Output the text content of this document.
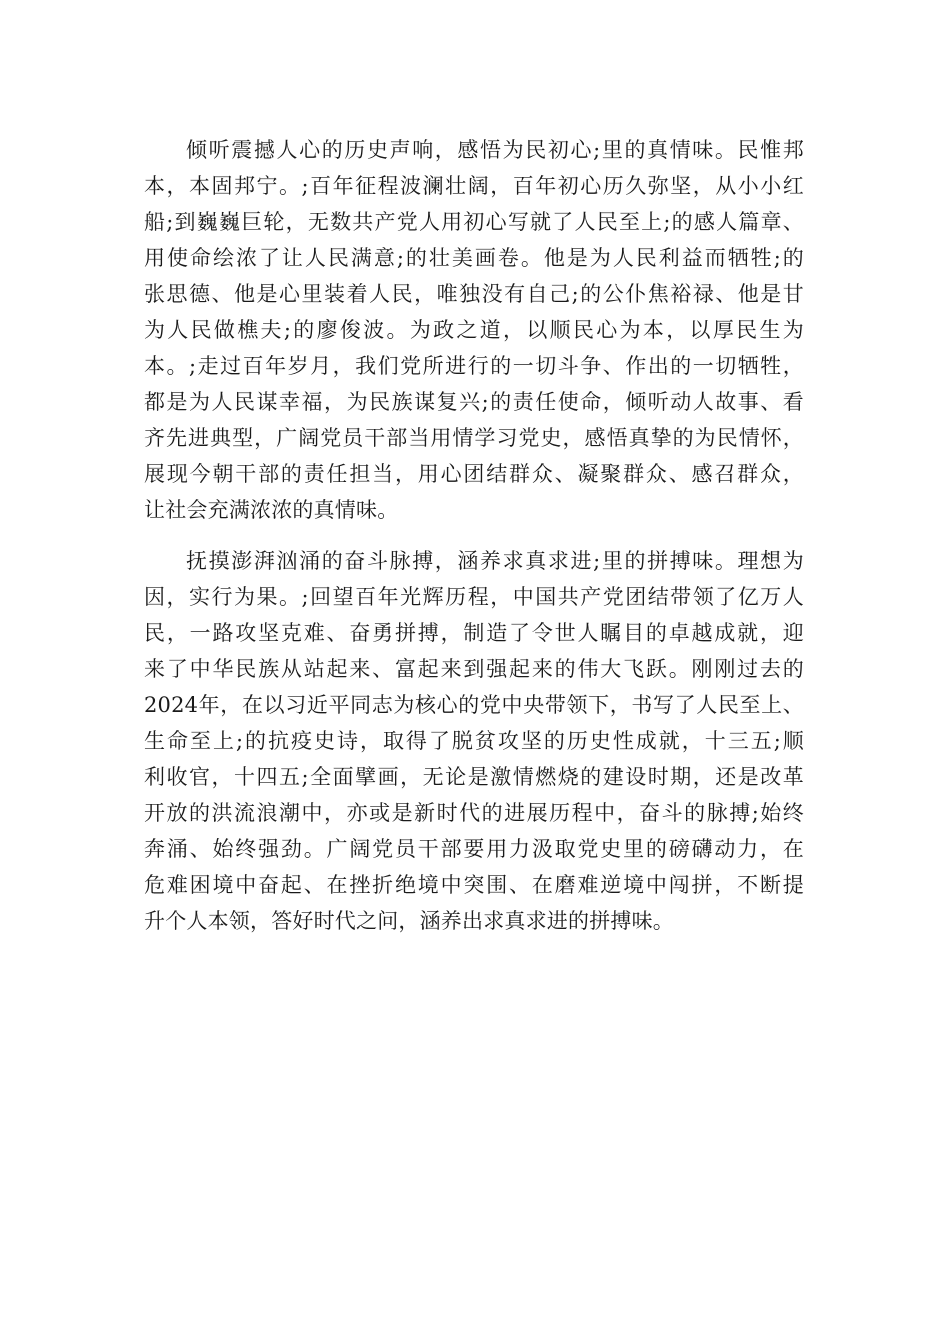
倾听震撼人心的历史声响，感悟为民初心;里的真情味。民惟邦
本，本固邦宁。;百年征程波澜壮阔，百年初心历久弥坚，从小小红
船;到巍巍巨轮，无数共产党人用初心写就了人民至上;的感人篇章、
用使命绘浓了让人民满意;的壮美画卷。他是为人民利益而牺牲;的
张思德、他是心里装着人民，唯独没有自己;的公仆焦裕禄、他是甘
为人民做樵夫;的廖俊波。为政之道，以顺民心为本，以厚民生为
本。;走过百年岁月，我们党所进行的一切斗争、作出的一切牺牲，
都是为人民谋幸福，为民族谋复兴;的责任使命，倾听动人故事、看
齐先进典型，广阔党员干部当用情学习党史，感悟真挚的为民情怀，
展现今朝干部的责任担当，用心团结群众、凝聚群众、感召群众，
让社会充满浓浓的真情味。
抚摸澎湃汹涌的奋斗脉搏，涵养求真求进;里的拼搏味。理想为
因，实行为果。;回望百年光辉历程，中国共产党团结带领了亿万人
民，一路攻坚克难、奋勇拼搏，制造了令世人瞩目的卓越成就，迎
来了中华民族从站起来、富起来到强起来的伟大飞跃。刚刚过去的
2024年，在以习近平同志为核心的党中央带领下，书写了人民至上、
生命至上;的抗疫史诗，取得了脱贫攻坚的历史性成就，十三五;顺
利收官，十四五;全面擘画，无论是激情燃烧的建设时期，还是改革
开放的洪流浪潮中，亦或是新时代的进展历程中，奋斗的脉搏;始终
奔涌、始终强劲。广阔党员干部要用力汲取党史里的磅礴动力，在
危难困境中奋起、在挫折绝境中突围、在磨难逆境中闯拼，不断提
升个人本领，答好时代之问，涵养出求真求进的拼搏味。
